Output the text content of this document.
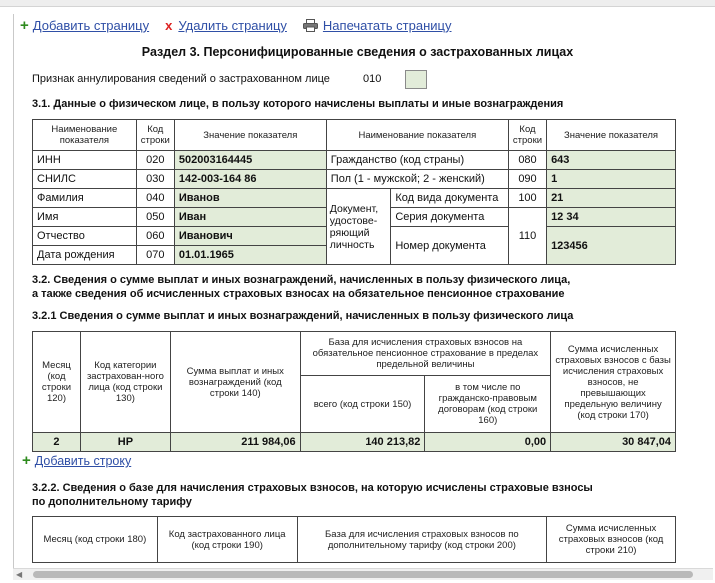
+ Добавить страницу x Удалить страницу	Напечатать страницу
Раздел 3. Персонифицированные сведения о застрахованных лицах
Признак аннулирования сведений о застрахованном лице	010
3.1. Данные о физическом лице, в пользу которого начислены выплаты и иные вознаграждения
Наименование показателя	Код строки	Значение показателя	Наименование показателя		Код строки	Значение показателя
ИНН	020	502003164445	Гражданство (код страны)		080	643
СНИЛС	030	142-003-164 86	Пол (1 - мужской; 2 - женский)		090	1
Фамилия	040	Иванов	Документ, удостове-ряющий личность	Код вида документа	100	21
Имя	050	Иван		Серия документа	110	12 34
Отчество	060	Иванович		Номер документа		123456
Дата рождения	070	01.01.1965				
3.2. Сведения о сумме выплат и иных вознаграждений, начисленных в пользу физического лица,
а также сведения об исчисленных страховых взносах на обязательное пенсионное страхование
3.2.1 Сведения о сумме выплат и иных вознаграждений, начисленных в пользу физического лица
Месяц (код строки 120)	Код категории застрахован-ного лица (код строки 130)	Сумма выплат и иных вознаграждений (код строки 140)	База для исчисления страховых взносов на обязательное пенсионное страхование в пределах предельной величины		Сумма исчисленных страховых взносов с базы исчисления страховых взносов, не превышающих предельную величину (код строки 170)
			всего (код строки 150)	в том числе по гражданско-правовым договорам (код строки 160)	
2	НР	211 984,06	140 213,82	0,00	30 847,04
+ Добавить строку
3.2.2. Сведения о базе для начисления страховых взносов, на которую исчислены страховые взносы
по дополнительному тарифу
Месяц (код строки 180)	Код застрахованного лица (код строки 190)	База для исчисления страховых взносов по дополнительному тарифу (код строки 200)	Сумма исчисленных страховых взносов (код строки 210)
◀
